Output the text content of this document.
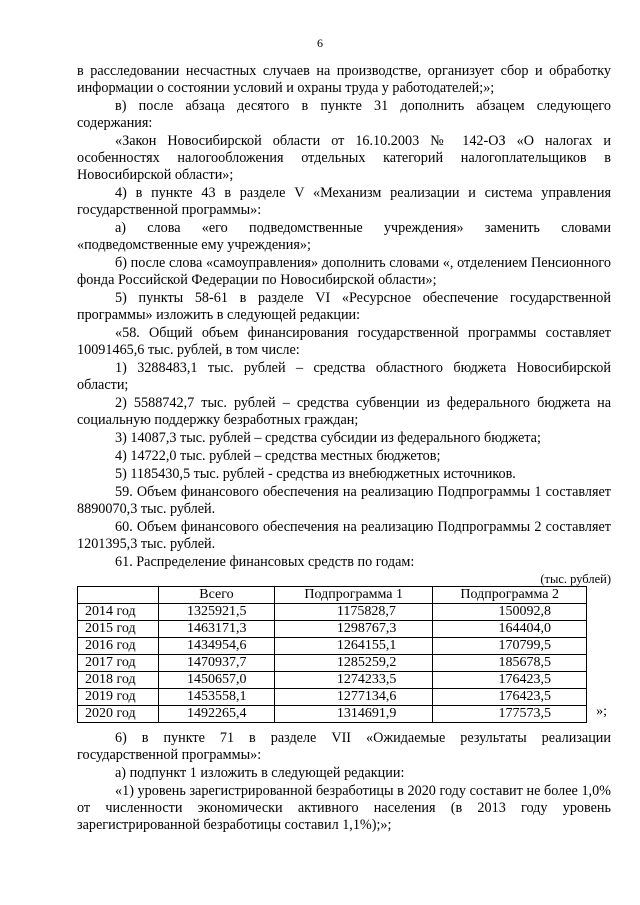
6

в расследовании несчастных случаев на производстве, организует сбор и обработку информации о состоянии условий и охраны труда у работодателей;»;

в) после абзаца десятого в пункте 31 дополнить абзацем следующего содержания:

«Закон Новосибирской области от 16.10.2003 № 142-ОЗ «О налогах и особенностях налогообложения отдельных категорий налогоплательщиков в Новосибирской области»;

4) в пункте 43 в разделе V «Механизм реализации и система управления государственной программы»:

а) слова «его подведомственные учреждения» заменить словами «подведомственные ему учреждения»;

б) после слова «самоуправления» дополнить словами «, отделением Пенсионного фонда Российской Федерации по Новосибирской области»;

5) пункты 58-61 в разделе VI «Ресурсное обеспечение государственной программы» изложить в следующей редакции:

«58. Общий объем финансирования государственной программы составляет 10091465,6 тыс. рублей, в том числе:

1) 3288483,1 тыс. рублей – средства областного бюджета Новосибирской области;

2) 5588742,7 тыс. рублей – средства субвенции из федерального бюджета на социальную поддержку безработных граждан;

3) 14087,3 тыс. рублей – средства субсидии из федерального бюджета;

4) 14722,0 тыс. рублей – средства местных бюджетов;

5) 1185430,5 тыс. рублей - средства из внебюджетных источников.

59. Объем финансового обеспечения на реализацию Подпрограммы 1 составляет 8890070,3 тыс. рублей.

60. Объем финансового обеспечения на реализацию Подпрограммы 2 составляет 1201395,3 тыс. рублей.

61. Распределение финансовых средств по годам:

(тыс. рублей)
	Всего	Подпрограмма 1	Подпрограмма 2
2014 год	1325921,5	1175828,7	150092,8
2015 год	1463171,3	1298767,3	164404,0
2016 год	1434954,6	1264155,1	170799,5
2017 год	1470937,7	1285259,2	185678,5
2018 год	1450657,0	1274233,5	176423,5
2019 год	1453558,1	1277134,6	176423,5
2020 год	1492265,4	1314691,9	177573,5	»;

6) в пункте 71 в разделе VII «Ожидаемые результаты реализации государственной программы»:

а) подпункт 1 изложить в следующей редакции:

«1) уровень зарегистрированной безработицы в 2020 году составит не более 1,0% от численности экономически активного населения (в 2013 году уровень зарегистрированной безработицы составил 1,1%);»;
